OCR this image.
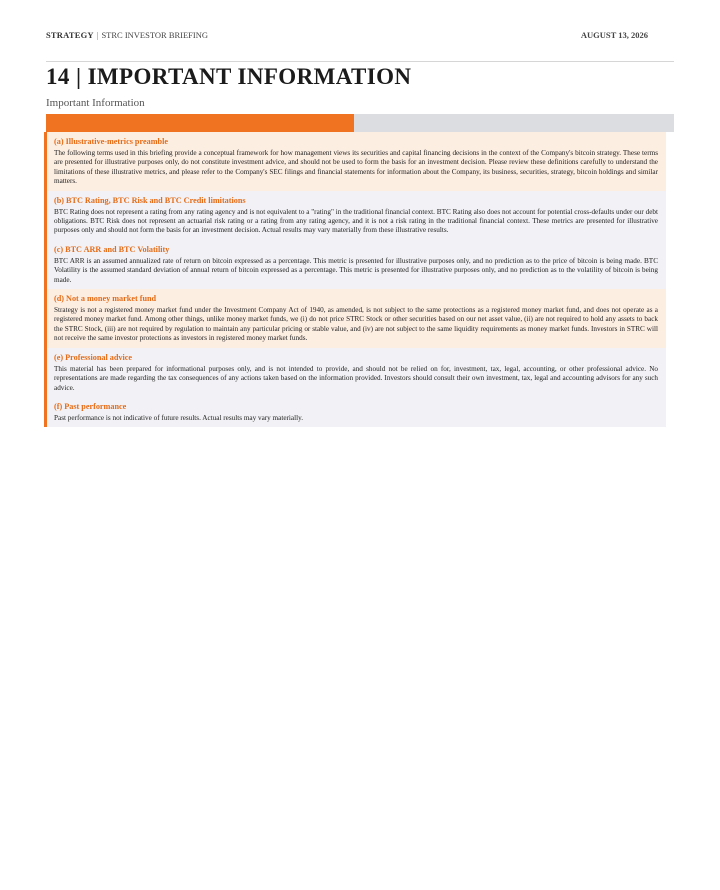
STRATEGY | STRC INVESTOR BRIEFING	AUGUST 13, 2026
14 | IMPORTANT INFORMATION
Important Information
(a) Illustrative-metrics preamble
The following terms used in this briefing provide a conceptual framework for how management views its securities and capital financing decisions in the context of the Company's bitcoin strategy. These terms are presented for illustrative purposes only, do not constitute investment advice, and should not be used to form the basis for an investment decision. Please review these definitions carefully to understand the limitations of these illustrative metrics, and please refer to the Company's SEC filings and financial statements for information about the Company, its business, securities, strategy, bitcoin holdings and similar matters.
(b) BTC Rating, BTC Risk and BTC Credit limitations
BTC Rating does not represent a rating from any rating agency and is not equivalent to a "rating" in the traditional financial context. BTC Rating also does not account for potential cross-defaults under our debt obligations. BTC Risk does not represent an actuarial risk rating or a rating from any rating agency, and it is not a risk rating in the traditional financial context. These metrics are presented for illustrative purposes only and should not form the basis for an investment decision. Actual results may vary materially from these illustrative results.
(c) BTC ARR and BTC Volatility
BTC ARR is an assumed annualized rate of return on bitcoin expressed as a percentage. This metric is presented for illustrative purposes only, and no prediction as to the price of bitcoin is being made. BTC Volatility is the assumed standard deviation of annual return of bitcoin expressed as a percentage. This metric is presented for illustrative purposes only, and no prediction as to the volatility of bitcoin is being made.
(d) Not a money market fund
Strategy is not a registered money market fund under the Investment Company Act of 1940, as amended, is not subject to the same protections as a registered money market fund, and does not operate as a registered money market fund. Among other things, unlike money market funds, we (i) do not price STRC Stock or other securities based on our net asset value, (ii) are not required to hold any assets to back the STRC Stock, (iii) are not required by regulation to maintain any particular pricing or stable value, and (iv) are not subject to the same liquidity requirements as money market funds. Investors in STRC will not receive the same investor protections as investors in registered money market funds.
(e) Professional advice
This material has been prepared for informational purposes only, and is not intended to provide, and should not be relied on for, investment, tax, legal, accounting, or other professional advice. No representations are made regarding the tax consequences of any actions taken based on the information provided. Investors should consult their own investment, tax, legal and accounting advisors for any such advice.
(f) Past performance
Past performance is not indicative of future results. Actual results may vary materially.
